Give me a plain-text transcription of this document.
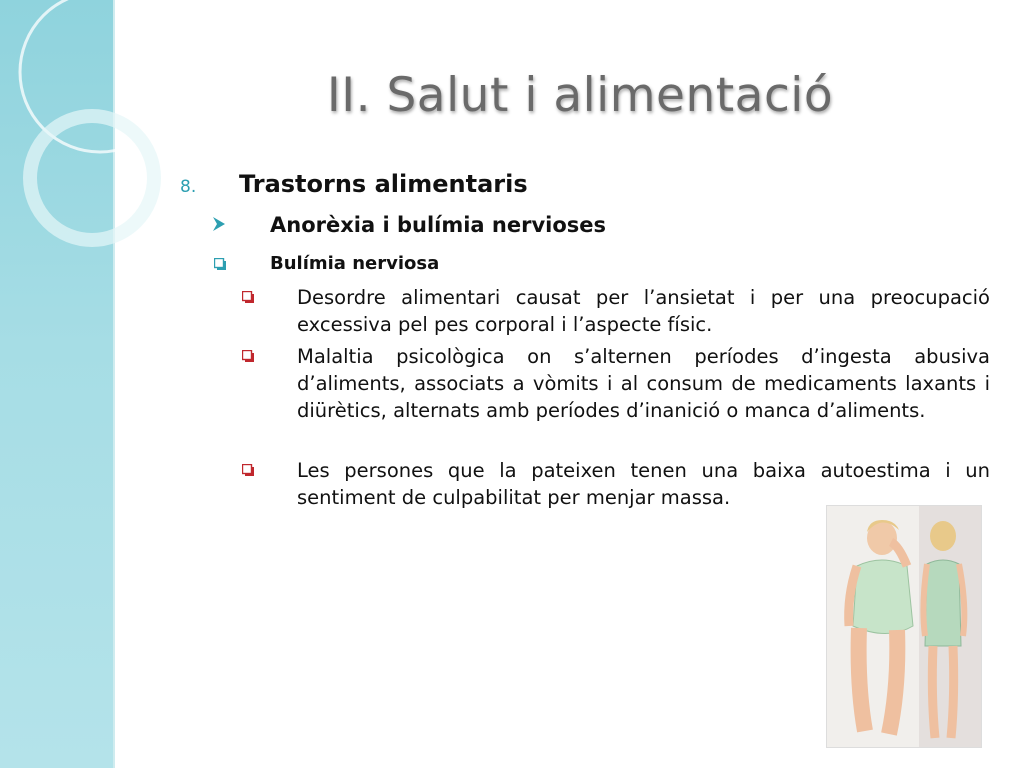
II. Salut i alimentació
8. Trastorns alimentaris
Anorèxia i bulímia nervioses
Bulímia nerviosa

Desordre alimentari causat per l’ansietat i per una preocupació excessiva pel pes corporal i l’aspecte físic.

Malaltia psicològica on s’alternen períodes d’ingesta abusiva d’aliments, associats a vòmits i al consum de medicaments laxants i diürètics, alternats amb períodes d’inanició o manca d’aliments.

Les persones que la pateixen tenen una baixa autoestima i un sentiment de culpabilitat per menjar massa.
